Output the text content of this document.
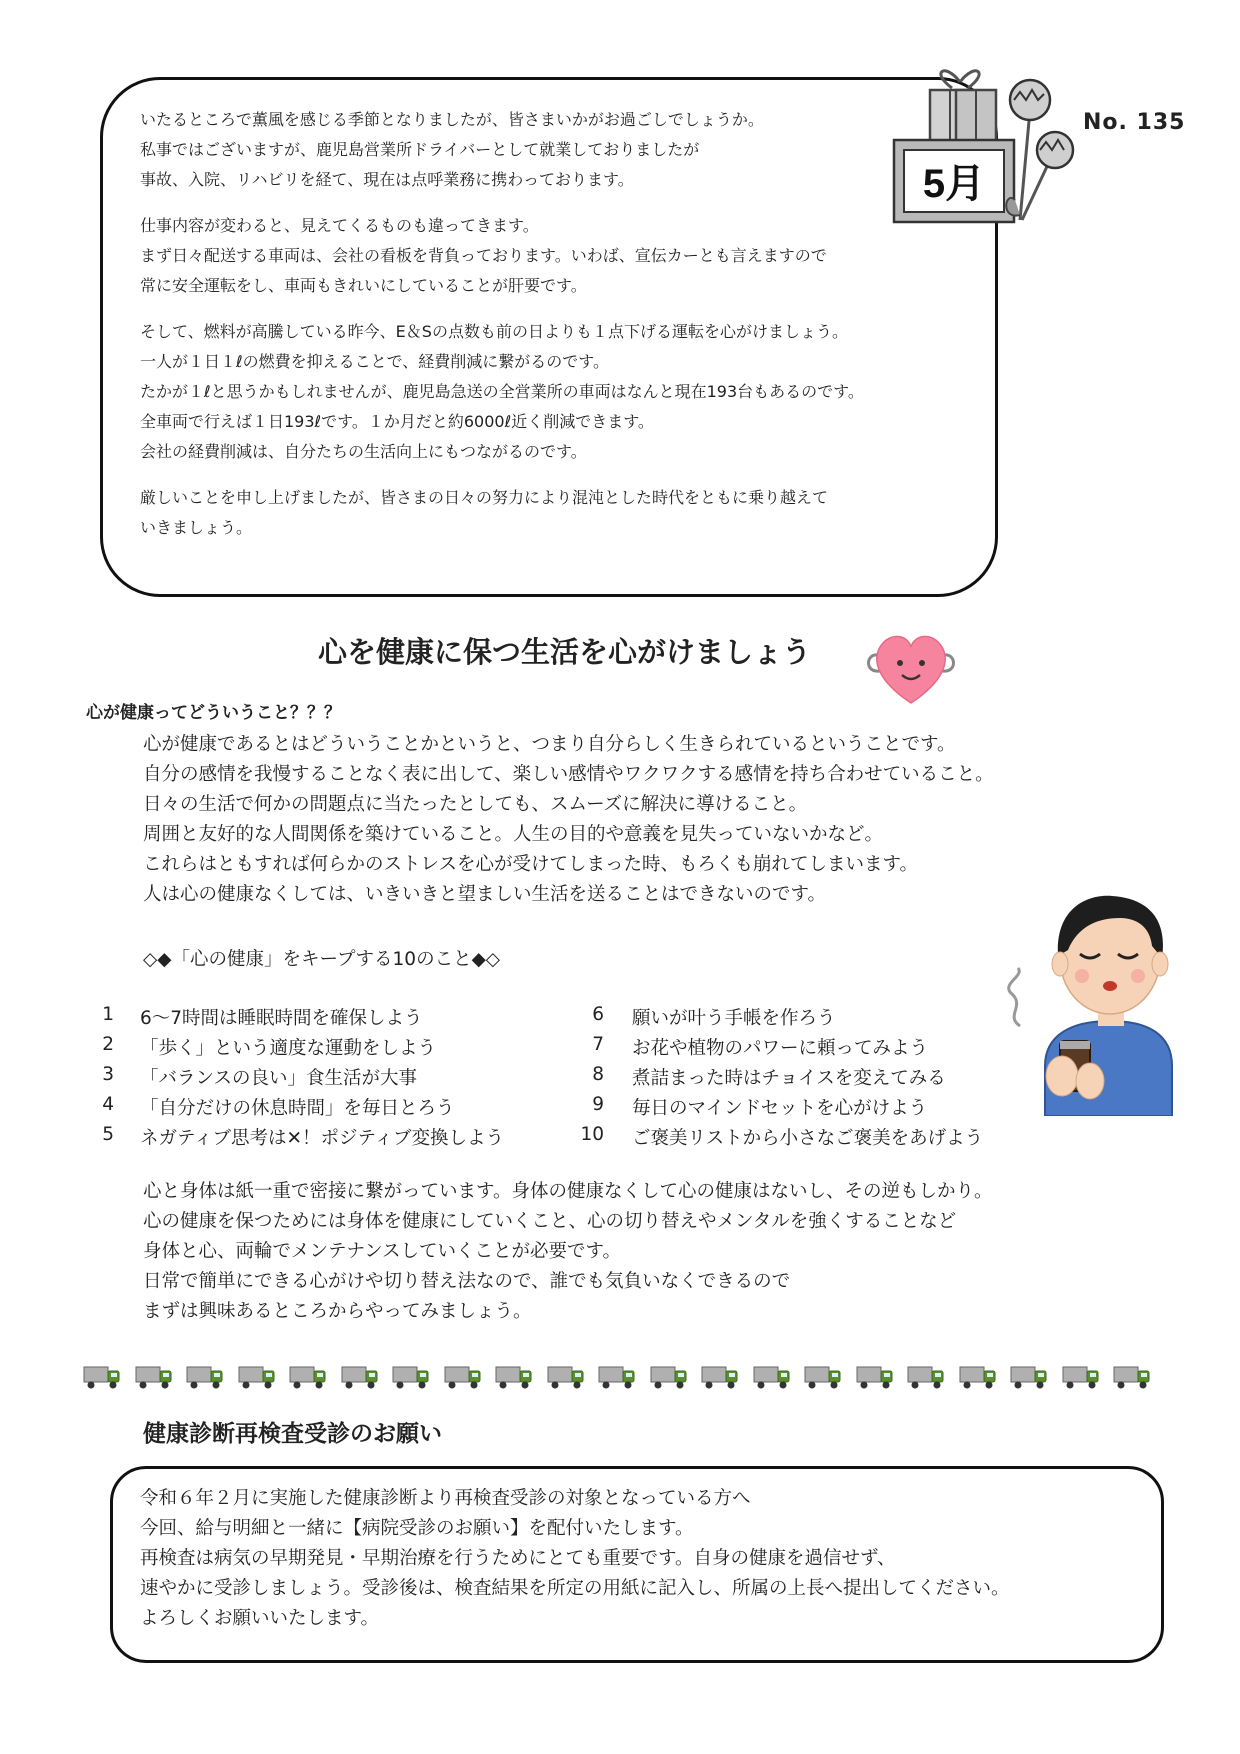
いたるところで薫風を感じる季節となりましたが、皆さまいかがお過ごしでしょうか。
私事ではございますが、鹿児島営業所ドライバーとして就業しておりましたが
事故、入院、リハビリを経て、現在は点呼業務に携わっております。
仕事内容が変わると、見えてくるものも違ってきます。
まず日々配送する車両は、会社の看板を背負っております。いわば、宣伝カーとも言えますので
常に安全運転をし、車両もきれいにしていることが肝要です。
そして、燃料が高騰している昨今、E＆Sの点数も前の日よりも１点下げる運転を心がけましょう。
一人が１日１ℓの燃費を抑えることで、経費削減に繋がるのです。
たかが１ℓと思うかもしれませんが、鹿児島急送の全営業所の車両はなんと現在193台もあるのです。
全車両で行えば１日193ℓです。１か月だと約6000ℓ近く削減できます。
会社の経費削減は、自分たちの生活向上にもつながるのです。
厳しいことを申し上げましたが、皆さまの日々の努力により混沌とした時代をともに乗り越えて
いきましょう。
5月
No. 135
心を健康に保つ生活を心がけましょう
心が健康ってどういうこと？？？
心が健康であるとはどういうことかというと、つまり自分らしく生きられているということです。
自分の感情を我慢することなく表に出して、楽しい感情やワクワクする感情を持ち合わせていること。
日々の生活で何かの問題点に当たったとしても、スムーズに解決に導けること。
周囲と友好的な人間関係を築けていること。人生の目的や意義を見失っていないかなど。
これらはともすれば何らかのストレスを心が受けてしまった時、もろくも崩れてしまいます。
人は心の健康なくしては、いきいきと望ましい生活を送ることはできないのです。
◇◆「心の健康」をキープする10のこと◆◇
1 6〜7時間は睡眠時間を確保しよう
2 「歩く」という適度な運動をしよう
3 「バランスの良い」食生活が大事
4 「自分だけの休息時間」を毎日とろう
5 ネガティブ思考は✕！ポジティブ変換しよう
6 願いが叶う手帳を作ろう
7 お花や植物のパワーに頼ってみよう
8 煮詰まった時はチョイスを変えてみる
9 毎日のマインドセットを心がけよう
10 ご褒美リストから小さなご褒美をあげよう
心と身体は紙一重で密接に繋がっています。身体の健康なくして心の健康はないし、その逆もしかり。
心の健康を保つためには身体を健康にしていくこと、心の切り替えやメンタルを強くすることなど
身体と心、両輪でメンテナンスしていくことが必要です。
日常で簡単にできる心がけや切り替え法なので、誰でも気負いなくできるので
まずは興味あるところからやってみましょう。
健康診断再検査受診のお願い
令和６年２月に実施した健康診断より再検査受診の対象となっている方へ
今回、給与明細と一緒に【病院受診のお願い】を配付いたします。
再検査は病気の早期発見・早期治療を行うためにとても重要です。自身の健康を過信せず、
速やかに受診しましょう。受診後は、検査結果を所定の用紙に記入し、所属の上長へ提出してください。
よろしくお願いいたします。
